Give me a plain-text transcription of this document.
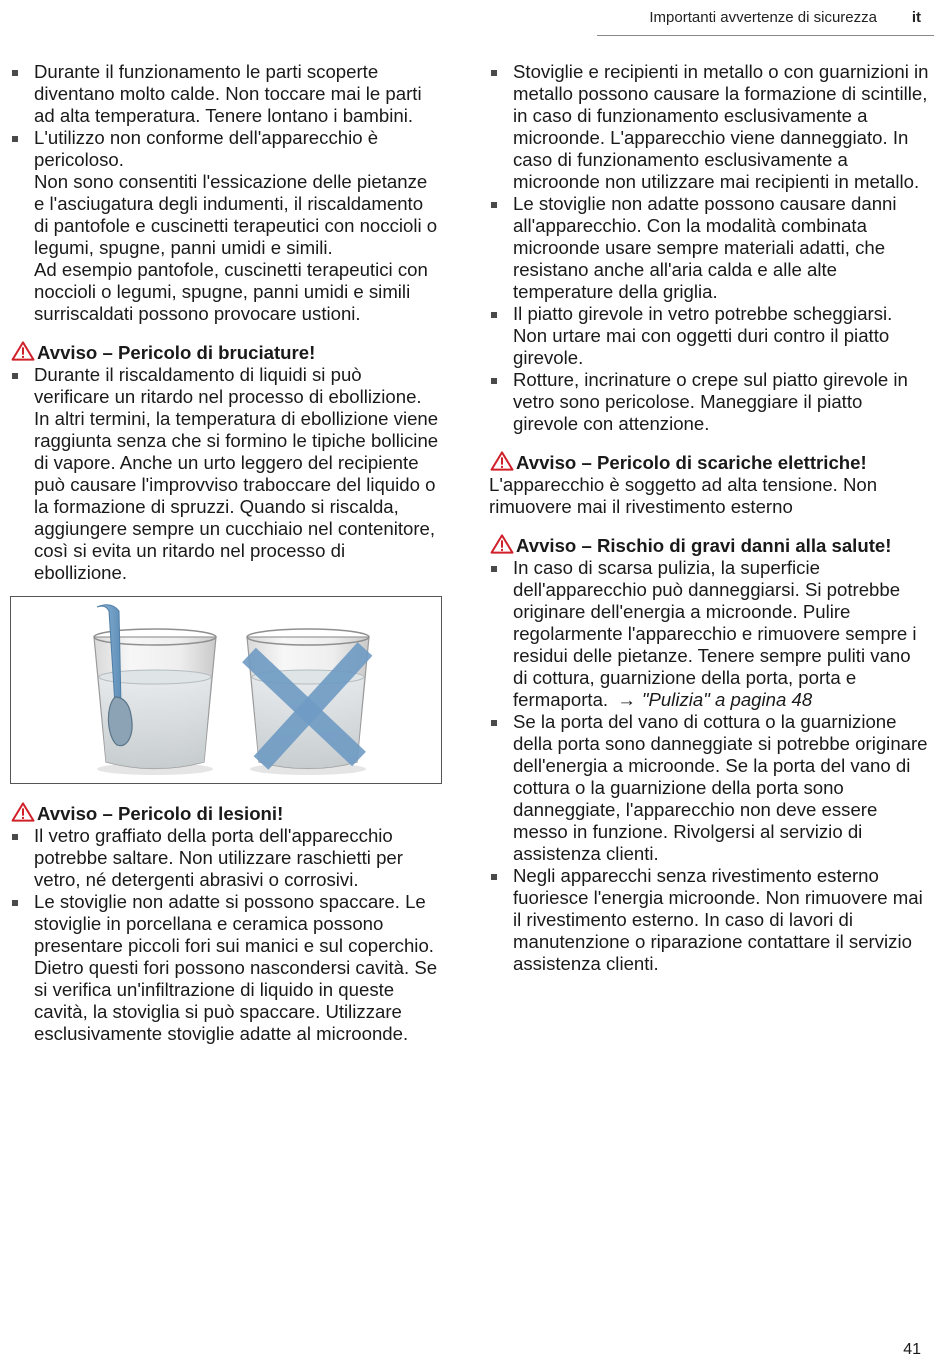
Importanti avvertenze di sicurezza it
Durante il funzionamento le parti scoperte diventano molto calde. Non toccare mai le parti ad alta temperatura. Tenere lontano i bambini.
L'utilizzo non conforme dell'apparecchio è pericoloso.
Non sono consentiti l'essicazione delle pietanze e l'asciugatura degli indumenti, il riscaldamento di pantofole e cuscinetti terapeutici con noccioli o legumi, spugne, panni umidi e simili.
Ad esempio pantofole, cuscinetti terapeutici con noccioli o legumi, spugne, panni umidi e simili surriscaldati possono provocare ustioni.
Avviso – Pericolo di bruciature!
Durante il riscaldamento di liquidi si può verificare un ritardo nel processo di ebollizione. In altri termini, la temperatura di ebollizione viene raggiunta senza che si formino le tipiche bollicine di vapore. Anche un urto leggero del recipiente può causare l'improvviso traboccare del liquido o la formazione di spruzzi. Quando si riscalda, aggiungere sempre un cucchiaio nel contenitore, così si evita un ritardo nel processo di ebollizione.
Avviso – Pericolo di lesioni!
Il vetro graffiato della porta dell'apparecchio potrebbe saltare. Non utilizzare raschietti per vetro, né detergenti abrasivi o corrosivi.
Le stoviglie non adatte si possono spaccare. Le stoviglie in porcellana e ceramica possono presentare piccoli fori sui manici e sul coperchio. Dietro questi fori possono nascondersi cavità. Se si verifica un'infiltrazione di liquido in queste cavità, la stoviglia si può spaccare. Utilizzare esclusivamente stoviglie adatte al microonde.
Stoviglie e recipienti in metallo o con guarnizioni in metallo possono causare la formazione di scintille, in caso di funzionamento esclusivamente a microonde. L'apparecchio viene danneggiato. In caso di funzionamento esclusivamente a microonde non utilizzare mai recipienti in metallo.
Le stoviglie non adatte possono causare danni all'apparecchio. Con la modalità combinata microonde usare sempre materiali adatti, che resistano anche all'aria calda e alle alte temperature della griglia.
Il piatto girevole in vetro potrebbe scheggiarsi. Non urtare mai con oggetti duri contro il piatto girevole.
Rotture, incrinature o crepe sul piatto girevole in vetro sono pericolose. Maneggiare il piatto girevole con attenzione.
Avviso – Pericolo di scariche elettriche!
L'apparecchio è soggetto ad alta tensione. Non rimuovere mai il rivestimento esterno
Avviso – Rischio di gravi danni alla salute!
In caso di scarsa pulizia, la superficie dell'apparecchio può danneggiarsi. Si potrebbe originare dell'energia a microonde. Pulire regolarmente l'apparecchio e rimuovere sempre i residui delle pietanze. Tenere sempre puliti vano di cottura, guarnizione della porta, porta e fermaporta. → "Pulizia" a pagina 48
Se la porta del vano di cottura o la guarnizione della porta sono danneggiate si potrebbe originare dell'energia a microonde. Se la porta del vano di cottura o la guarnizione della porta sono danneggiate, l'apparecchio non deve essere messo in funzione. Rivolgersi al servizio di assistenza clienti.
Negli apparecchi senza rivestimento esterno fuoriesce l'energia microonde. Non rimuovere mai il rivestimento esterno. In caso di lavori di manutenzione o riparazione contattare il servizio assistenza clienti.
41
